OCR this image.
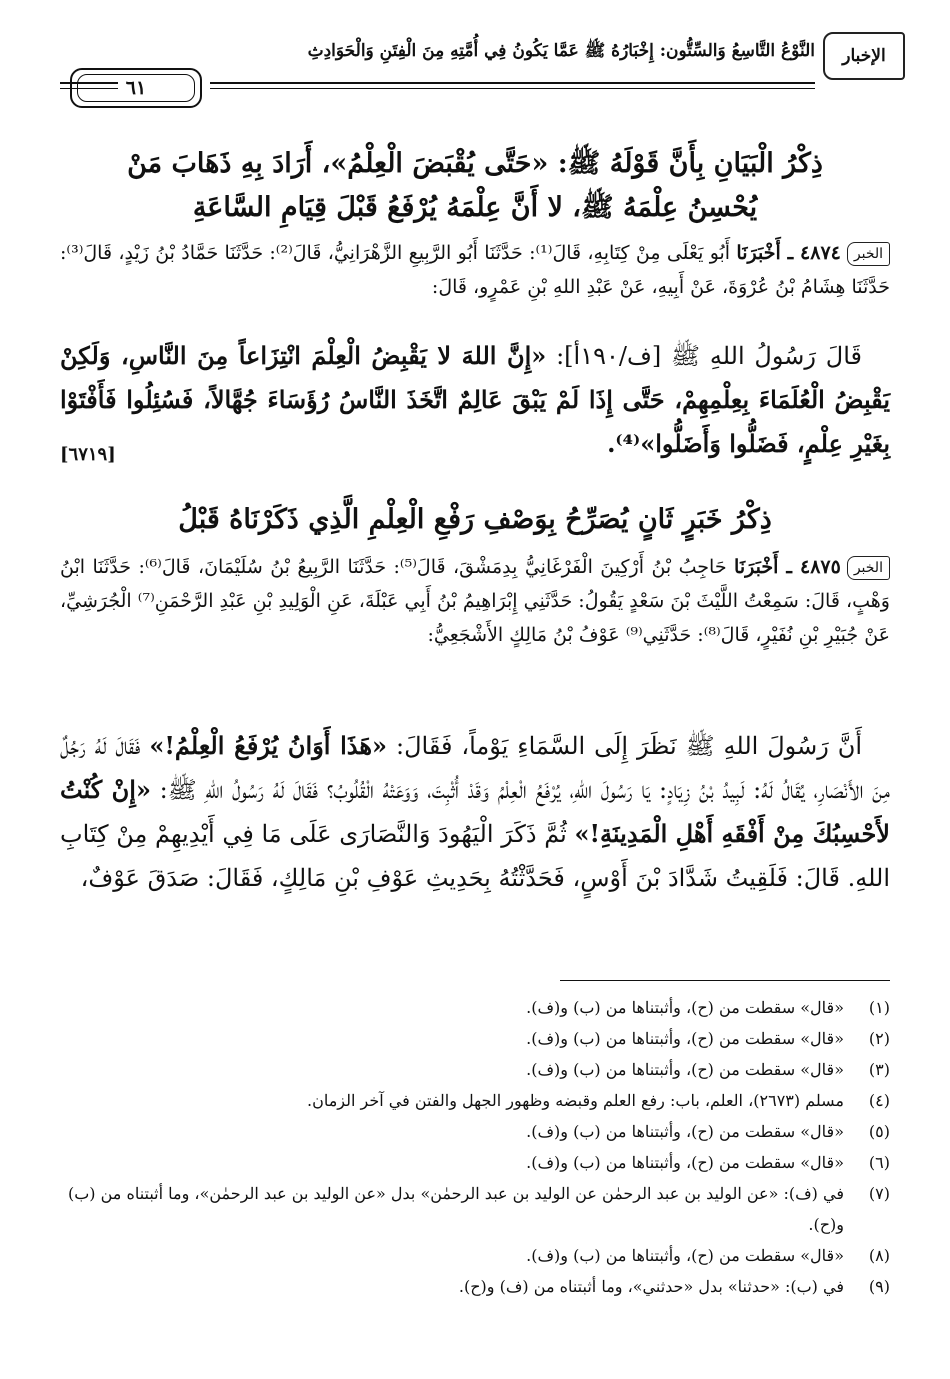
الإخبار
النَّوْعُ التَّاسِعُ وَالسِّتُّون: إِخْبَارُهُ ﷺ عَمَّا يَكُونُ فِي أُمَّتِهِ مِنَ الْفِتَنِ وَالْحَوَادِثِ
٦١
ذِكْرُ الْبَيَانِ بِأَنَّ قَوْلَهُ ﷺ: «حَتَّى يُقْبَضَ الْعِلْمُ»، أَرَادَ بِهِ ذَهَابَ مَنْ
يُحْسِنُ عِلْمَهُ ﷺ، لا أَنَّ عِلْمَهُ يُرْفَعُ قَبْلَ قِيَامِ السَّاعَةِ
الخبر٤٨٧٤ ـ أَخْبَرَنَا أَبُو يَعْلَى مِنْ كِتَابِهِ، قَالَ⁽¹⁾: حَدَّثَنَا أَبُو الرَّبِيعِ الزَّهْرَانِيُّ، قَالَ⁽²⁾: حَدَّثَنَا حَمَّادُ بْنُ زَيْدٍ، قَالَ⁽³⁾: حَدَّثَنَا هِشَامُ بْنُ عُرْوَةَ، عَنْ أَبِيهِ، عَنْ عَبْدِ اللهِ بْنِ عَمْرٍو، قَالَ:
قَالَ رَسُولُ اللهِ ﷺ [ف/١٩٠أ]: «إِنَّ اللهَ لا يَقْبِضُ الْعِلْمَ انْتِزَاعاً مِنَ النَّاسِ، وَلَكِنْ يَقْبِضُ الْعُلَمَاءَ بِعِلْمِهِمْ، حَتَّى إِذَا لَمْ يَبْقَ عَالِمٌ اتَّخَذَ النَّاسُ رُؤَسَاءَ جُهَّالاً، فَسُئِلُوا فَأَفْتَوْا بِغَيْرِ عِلْمٍ، فَضَلُّوا وَأَضَلُّوا»⁽⁴⁾.
[٦٧١٩]
ذِكْرُ خَبَرٍ ثَانٍ يُصَرِّحُ بِوَصْفِ رَفْعِ الْعِلْمِ الَّذِي ذَكَرْنَاهُ قَبْلُ
الخبر٤٨٧٥ ـ أَخْبَرَنَا حَاجِبُ بْنُ أَرْكِينَ الْفَرْغَانِيُّ بِدِمَشْقَ، قَالَ⁽⁵⁾: حَدَّثَنَا الرَّبِيعُ بْنُ سُلَيْمَانَ، قَالَ⁽⁶⁾: حَدَّثَنَا ابْنُ وَهْبٍ، قَالَ: سَمِعْتُ اللَّيْثَ بْنَ سَعْدٍ يَقُولُ: حَدَّثَنِي إِبْرَاهِيمُ بْنُ أَبِي عَبْلَةَ، عَنِ الْوَلِيدِ بْنِ عَبْدِ الرَّحْمَنِ⁽⁷⁾ الْجُرَشِيِّ، عَنْ جُبَيْرِ بْنِ نُفَيْرٍ، قَالَ⁽⁸⁾: حَدَّثَنِي⁽⁹⁾ عَوْفُ بْنُ مَالِكٍ الأَشْجَعِيُّ:
أَنَّ رَسُولَ اللهِ ﷺ نَظَرَ إِلَى السَّمَاءِ يَوْماً، فَقَالَ: «هَذَا أَوَانُ يُرْفَعُ الْعِلْمُ!» فَقَالَ لَهُ رَجُلٌ مِنَ الأَنْصَارِ، يُقَالُ لَهُ: لَبِيدُ بْنُ زِيَادٍ: يَا رَسُولَ اللهِ، يُرْفَعُ الْعِلْمُ وَقَدْ أُثْبِتَ، وَوَعَتْهُ الْقُلُوبُ؟ فَقَالَ لَهُ رَسُولُ اللهِ ﷺ: «إِنْ كُنْتُ لأَحْسِبُكَ مِنْ أَفْقَهِ أَهْلِ الْمَدِينَةِ!» ثُمَّ ذَكَرَ الْيَهُودَ وَالنَّصَارَى عَلَى مَا فِي أَيْدِيهِمْ مِنْ كِتَابِ اللهِ. قَالَ: فَلَقِيتُ شَدَّادَ بْنَ أَوْسٍ، فَحَدَّثْتُهُ بِحَدِيثِ عَوْفِ بْنِ مَالِكٍ، فَقَالَ: صَدَقَ عَوْفٌ،
(١)
«قال» سقطت من (ح)، وأثبتناها من (ب) و(ف).
(٢)
«قال» سقطت من (ح)، وأثبتناها من (ب) و(ف).
(٣)
«قال» سقطت من (ح)، وأثبتناها من (ب) و(ف).
(٤)
مسلم (٢٦٧٣)، العلم، باب: رفع العلم وقبضه وظهور الجهل والفتن في آخر الزمان.
(٥)
«قال» سقطت من (ح)، وأثبتناها من (ب) و(ف).
(٦)
«قال» سقطت من (ح)، وأثبتناها من (ب) و(ف).
(٧)
في (ف): «عن الوليد بن عبد الرحمٰن عن الوليد بن عبد الرحمٰن» بدل «عن الوليد بن عبد الرحمٰن»، وما أثبتناه من (ب) و(ح).
(٨)
«قال» سقطت من (ح)، وأثبتناها من (ب) و(ف).
(٩)
في (ب): «حدثنا» بدل «حدثني»، وما أثبتناه من (ف) و(ح).
